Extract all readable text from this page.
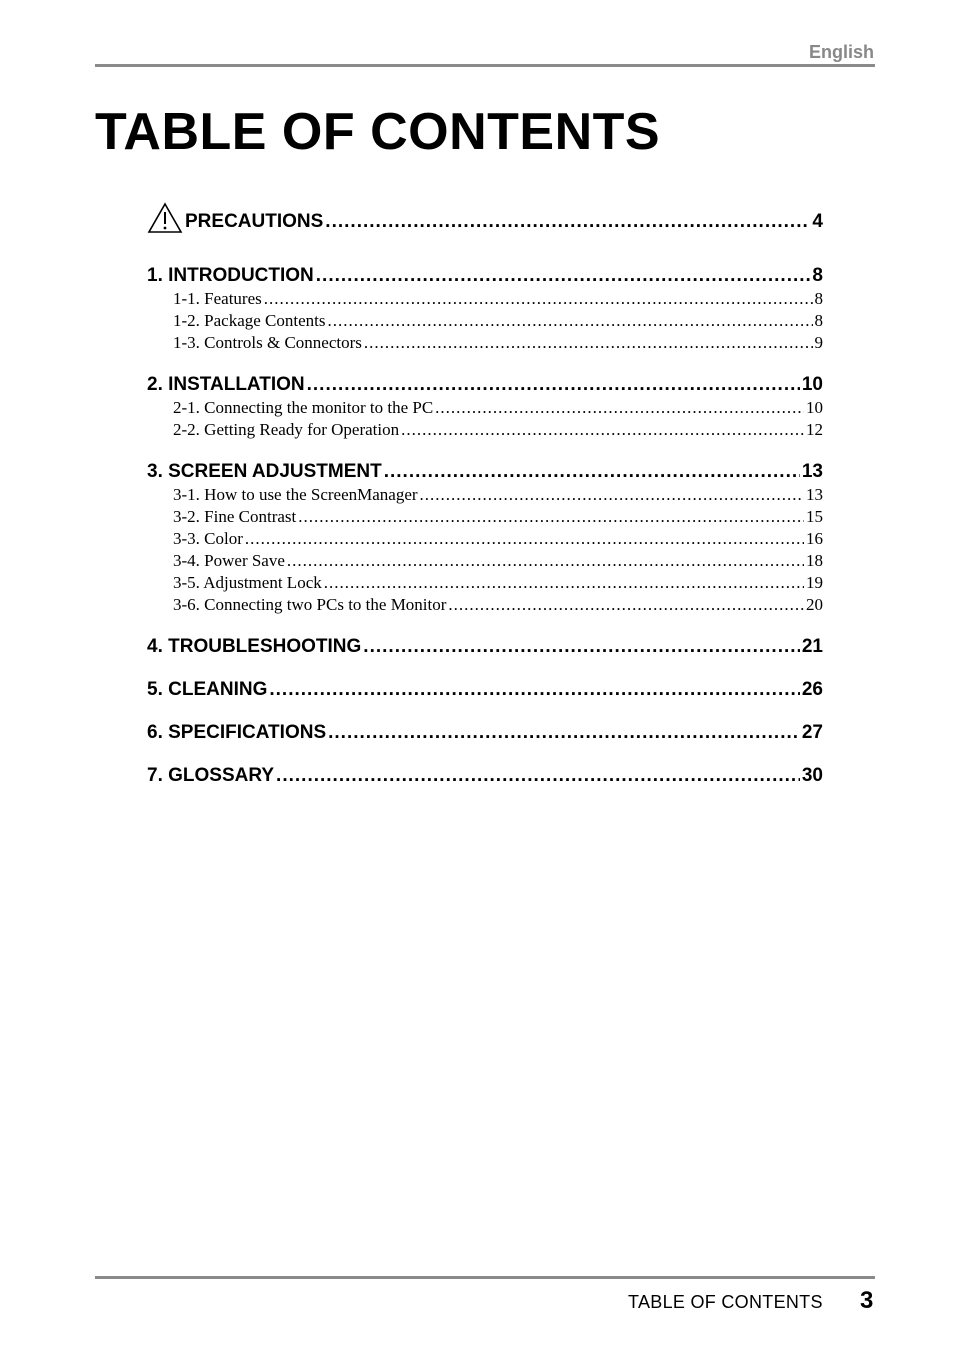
English
TABLE OF CONTENTS
PRECAUTIONS .....	4
1. INTRODUCTION .....	8
1-1. Features .....	8
1-2. Package Contents .....	8
1-3. Controls & Connectors .....	9
2. INSTALLATION .....	10
2-1. Connecting the monitor to the PC .....	10
2-2. Getting Ready for Operation .....	12
3. SCREEN ADJUSTMENT .....	13
3-1. How to use the ScreenManager .....	13
3-2. Fine Contrast .....	15
3-3. Color .....	16
3-4. Power Save .....	18
3-5. Adjustment Lock .....	19
3-6. Connecting two PCs to the Monitor .....	20
4. TROUBLESHOOTING .....	21
5. CLEANING .....	26
6. SPECIFICATIONS .....	27
7. GLOSSARY .....	30
TABLE OF CONTENTS 3
